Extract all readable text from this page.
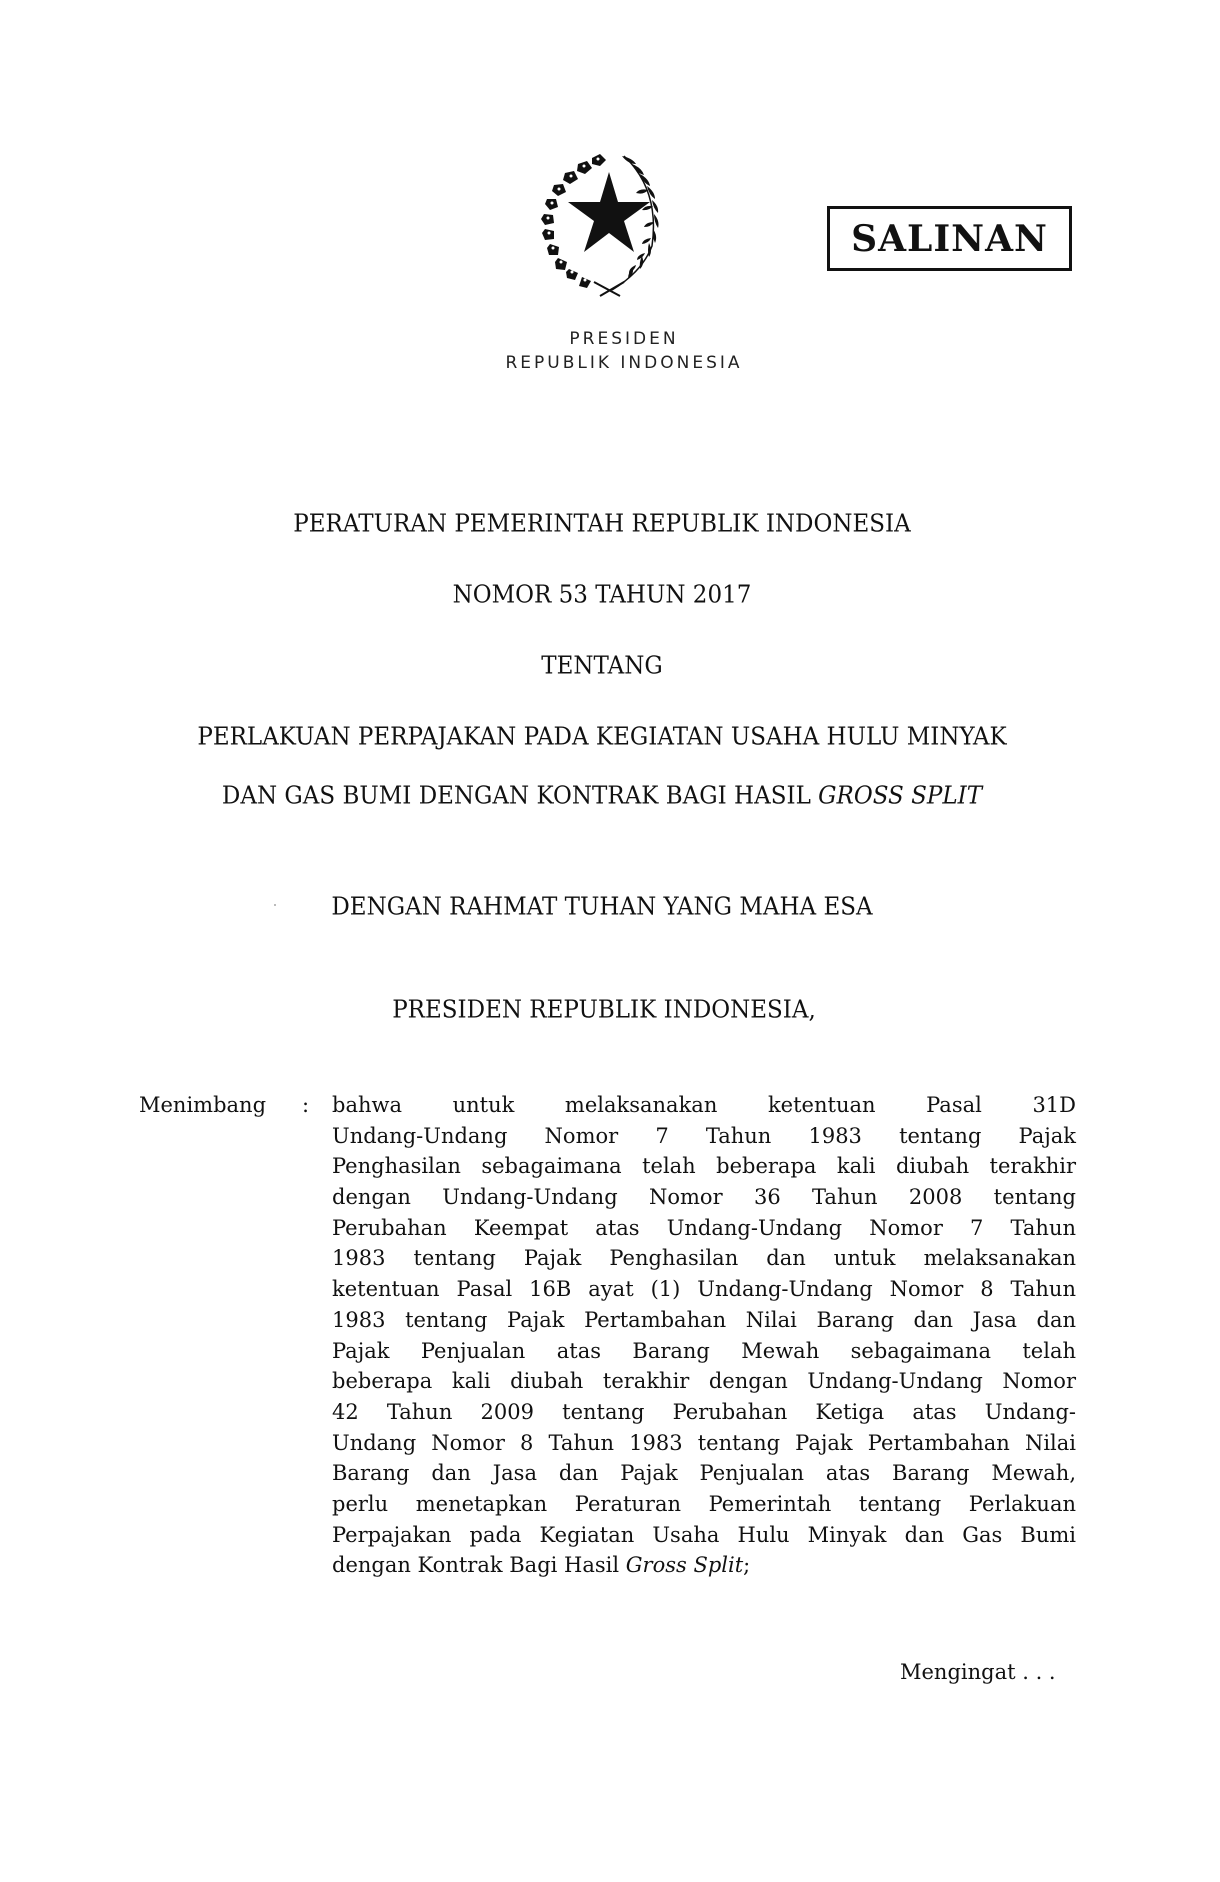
SALINAN
PRESIDEN
REPUBLIK INDONESIA
PERATURAN PEMERINTAH REPUBLIK INDONESIA
NOMOR 53 TAHUN 2017
TENTANG
PERLAKUAN PERPAJAKAN PADA KEGIATAN USAHA HULU MINYAK
DAN GAS BUMI DENGAN KONTRAK BAGI HASIL GROSS SPLIT
DENGAN RAHMAT TUHAN YANG MAHA ESA
PRESIDEN REPUBLIK INDONESIA,
Menimbang : bahwa untuk melaksanakan ketentuan Pasal 31D
Undang-Undang Nomor 7 Tahun 1983 tentang Pajak
Penghasilan sebagaimana telah beberapa kali diubah terakhir
dengan Undang-Undang Nomor 36 Tahun 2008 tentang
Perubahan Keempat atas Undang-Undang Nomor 7 Tahun
1983 tentang Pajak Penghasilan dan untuk melaksanakan
ketentuan Pasal 16B ayat (1) Undang-Undang Nomor 8 Tahun
1983 tentang Pajak Pertambahan Nilai Barang dan Jasa dan
Pajak Penjualan atas Barang Mewah sebagaimana telah
beberapa kali diubah terakhir dengan Undang-Undang Nomor
42 Tahun 2009 tentang Perubahan Ketiga atas Undang-
Undang Nomor 8 Tahun 1983 tentang Pajak Pertambahan Nilai
Barang dan Jasa dan Pajak Penjualan atas Barang Mewah,
perlu menetapkan Peraturan Pemerintah tentang Perlakuan
Perpajakan pada Kegiatan Usaha Hulu Minyak dan Gas Bumi
dengan Kontrak Bagi Hasil Gross Split;
Mengingat . . .
